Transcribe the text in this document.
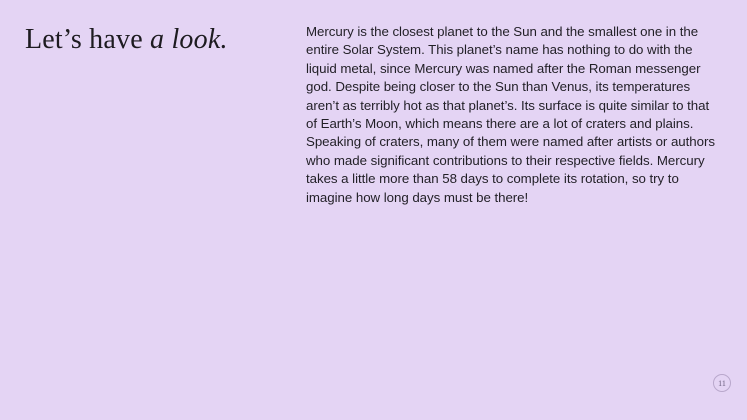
Let’s have a look.	Mercury is the closest planet to the Sun and the smallest one in the entire Solar System. This planet’s name has nothing to do with the liquid metal, since Mercury was named after the Roman messenger god. Despite being closer to the Sun than Venus, its temperatures aren’t as terribly hot as that planet’s. Its surface is quite similar to that of Earth’s Moon, which means there are a lot of craters and plains. Speaking of craters, many of them were named after artists or authors who made significant contributions to their respective fields. Mercury takes a little more than 58 days to complete its rotation, so try to imagine how long days must be there!

11
